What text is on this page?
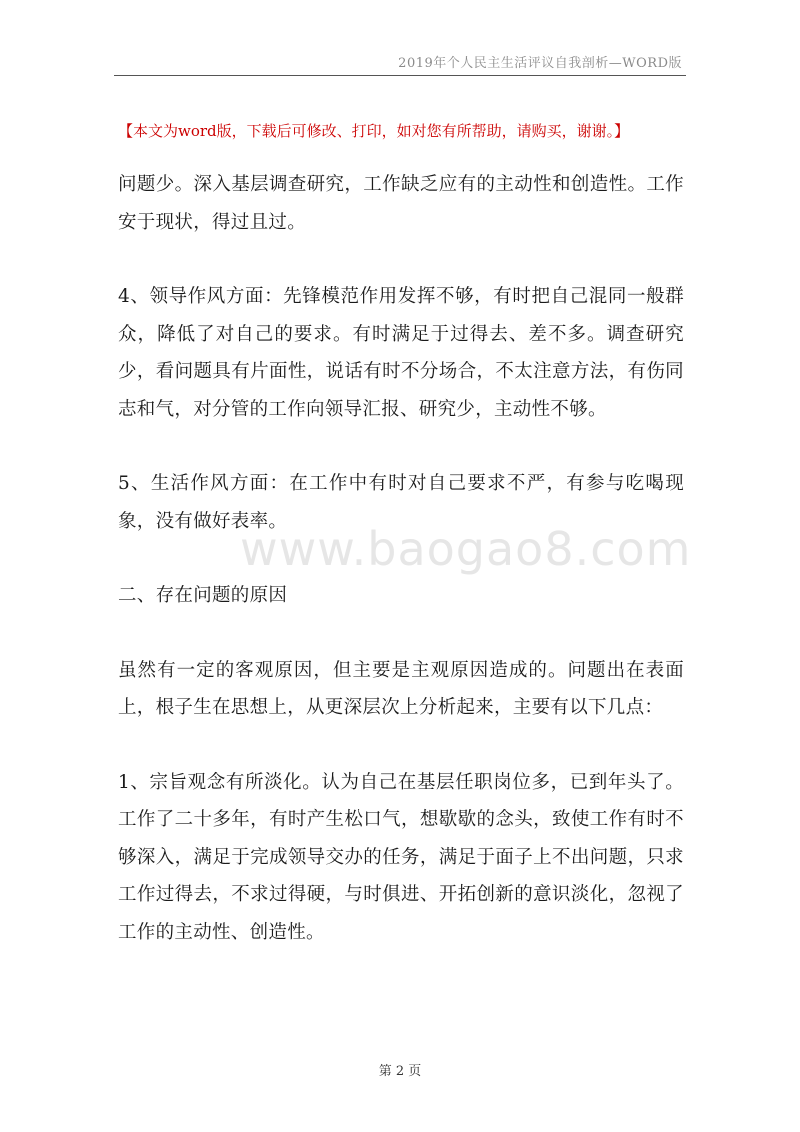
2019年个人民主生活评议自我剖析—WORD版
【本文为word版，下载后可修改、打印，如对您有所帮助，请购买，谢谢。】
www.baogao8.com

问题少。深入基层调查研究，工作缺乏应有的主动性和创造性。工作安于现状，得过且过。

4、领导作风方面：先锋模范作用发挥不够，有时把自己混同一般群众，降低了对自己的要求。有时满足于过得去、差不多。调查研究少，看问题具有片面性，说话有时不分场合，不太注意方法，有伤同志和气，对分管的工作向领导汇报、研究少，主动性不够。

5、生活作风方面：在工作中有时对自己要求不严，有参与吃喝现象，没有做好表率。

二、存在问题的原因

虽然有一定的客观原因，但主要是主观原因造成的。问题出在表面上，根子生在思想上，从更深层次上分析起来，主要有以下几点：

1、宗旨观念有所淡化。认为自己在基层任职岗位多，已到年头了。工作了二十多年，有时产生松口气，想歇歇的念头，致使工作有时不够深入，满足于完成领导交办的任务，满足于面子上不出问题，只求工作过得去，不求过得硬，与时俱进、开拓创新的意识淡化，忽视了工作的主动性、创造性。

第 2 页
